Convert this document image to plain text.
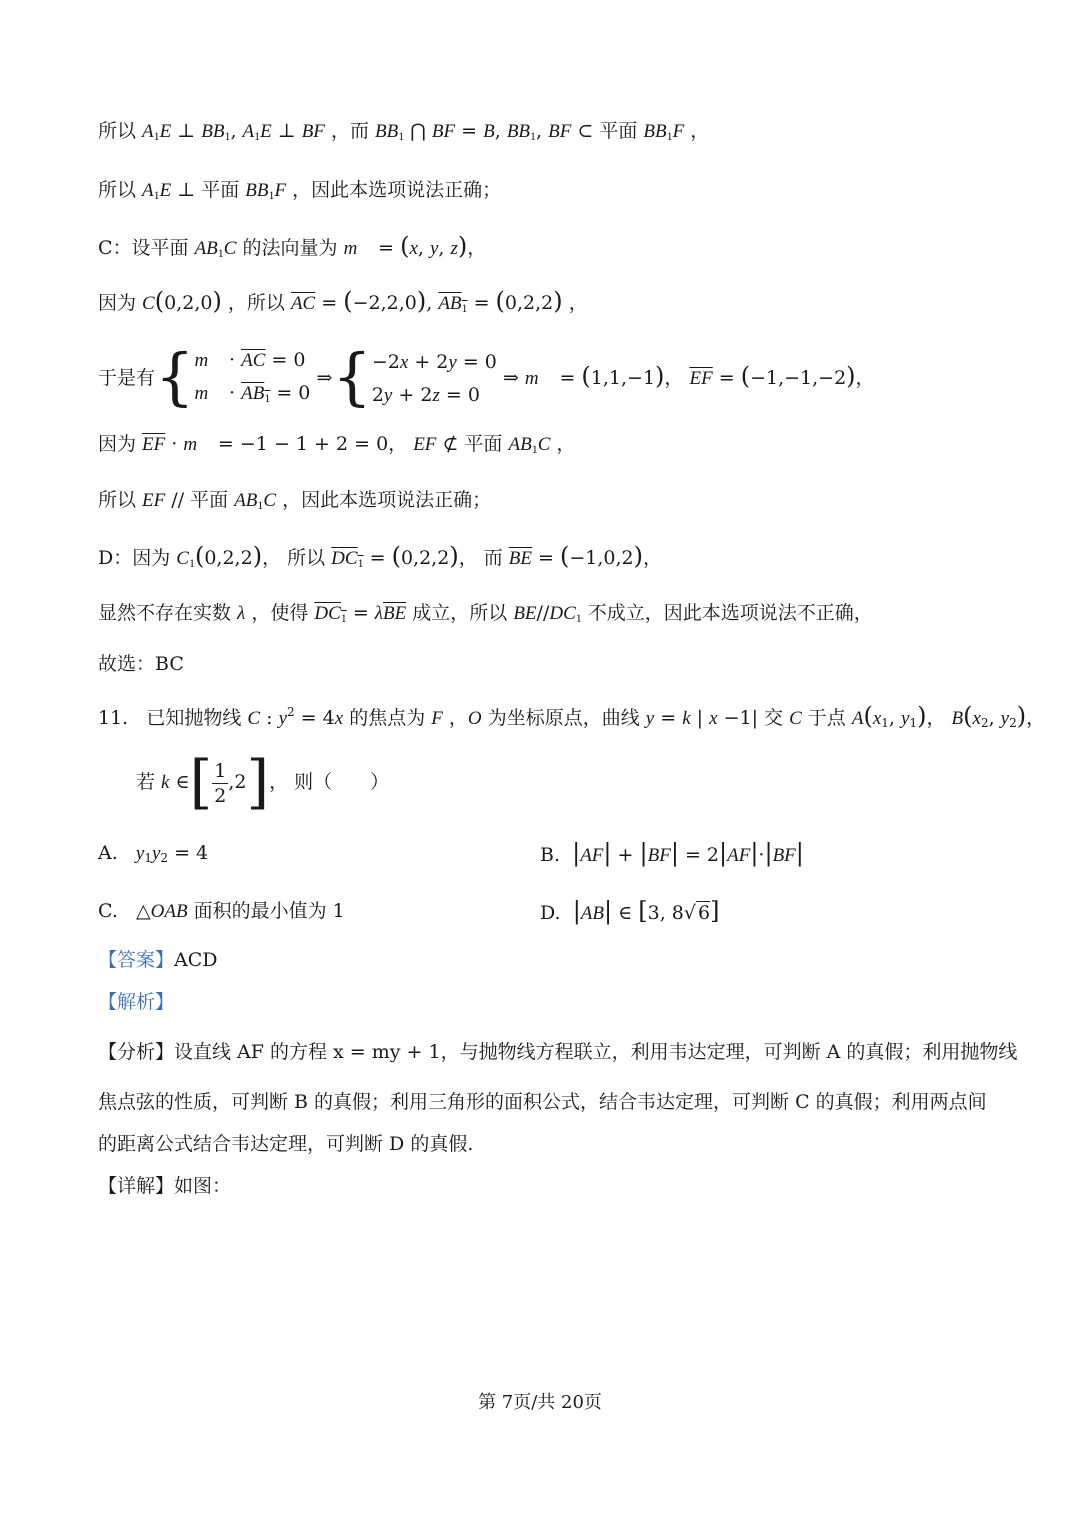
所以 $A_1E$ ⊥ $BB_1$, $A_1E$ ⊥ BF ，而 $BB_1$ ⋂ BF = B, $BB_1$, BF ⊂ 平面 $BB_1F$ ，
所以 $A_1E$ ⊥ 平面 $BB_1F$ ，因此本选项说法正确；
C：设平面 $AB_1C$ 的法向量为 m⃗ = (x, y, z)，
因为 C(0,2,0) ，所以 $\overline{AC} = (-2,2,0)$, $AB_1 = (0,2,2)$ ，
于是有{m⃗ · $\overline{AC} = 0$
m⃗ · $AB_1 = 0$ ⇒{−2x + 2y = 0
2y + 2z = 0 ⇒ m⃗ = (1,1,−1)， $\overline{EF} = (-1,-1,-2)$，
因为 $\overline{EF}$ · m⃗ = −1 − 1 + 2 = 0， EF ⊄ 平面 $AB_1C$ ，
所以 EF // 平面 $AB_1C$ ，因此本选项说法正确；
D：因为 $C_1(0,2,2)$， 所以 $DC_1 = (0,2,2)$， 而 $\overline{BE} = (-1,0,2)$，
显然不存在实数 λ ，使得 $DC_1 = \lambda\overline{BE}$ 成立，所以 $BE//DC_1$ 不成立，因此本选项说法不正确，
故选：BC
11.   已知抛物线 C : $y^2 = 4x$ 的焦点为 F ，O 为坐标原点，曲线 y = k | x −1| 交 C 于点 $A(x_1$, $y_1$)， $B(x_2$, $y_2$)，
若 k ∈[ $\frac{1}{2} ,2$]， 则（　　）
A. $y_1y_2 = 4$	B. |AF| + |BF| = 2|AF|·|BF|
C.   △OAB 面积的最小值为 1	D. |AB| ∈ [3, 8√ 6]
【答案】ACD
【解析】
【分析】设直线 AF 的方程 x = my + 1，与抛物线方程联立，利用韦达定理，可判断 A 的真假；利用抛物线
焦点弦的性质，可判断 B 的真假；利用三角形的面积公式，结合韦达定理，可判断 C 的真假；利用两点间
的距离公式结合韦达定理，可判断 D 的真假.
【详解】如图：
第 7页/共 20页
